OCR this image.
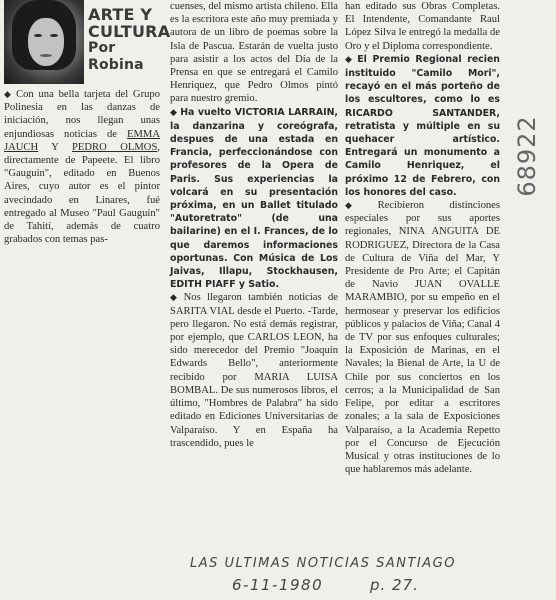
ARTE Y CULTURA
Por Robina

◆ Con una bella tarjeta del Grupo Polinesia en las danzas de iniciación, nos llegan unas enjundiosas noticias de EMMA JAUCH Y PEDRO OLMOS, directamente de Papeete. El libro "Gauguin", editado en Buenos Aires, cuyo autor es el pintor avecindado en Linares, fué entregado al Museo "Paul Gauguin" de Tahití, además de cuatro grabados con temas pas-

cuenses, del mismo artista chileno. Ella es la escritora este año muy premiada y autora de un libro de poemas sobre la Isla de Pascua. Estarán de vuelta justo para asistir a los actos del Día de la Prensa en que se entregará el Camilo Henriquez, que Pedro Olmos pintó para nuestro gremio.

◆ Ha vuelto VICTORIA LARRAIN, la danzarina y coreógrafa, despues de una estada en Francia, perfeccionándose con profesores de la Opera de Paris. Sus experiencias la volcará en su presentación próxima, en un Ballet titulado "Autoretrato" (de una bailarine) en el I. Frances, de lo que daremos informaciones oportunas. Con Música de Los Jaivas, Illapu, Stockhausen, EDITH PIAFF y Satio.

◆ Nos llegaron también noticias de SARITA VIAL desde el Puerto. -Tarde, pero llegaron. No está demás registrar, por ejemplo, que CARLOS LEON, ha sido merecedor del Premio "Joaquín Edwards Bello", anteriormente recibido por MARIA LUISA BOMBAL. De sus numerosos libros, el último, "Hombres de Palabra" ha sido editado en Ediciones Universitarias de Valparaíso. Y en España ha trascendido, pues le

han editado sus Obras Completas. El Intendente, Comandante Raul López Silva le entregó la medalla de Oro y el Diploma correspondiente.

◆ El Premio Regional recien instituido "Camilo Mori", recayó en el más porteño de los escultores, como lo es RICARDO SANTANDER, retratista y múltiple en su quehacer artístico. Entregará un monumento a Camilo Henriquez, el próximo 12 de Febrero, con los honores del caso.

◆ Recibieron distinciones especiales por sus aportes regionales, NINA ANGUITA DE RODRIGUEZ, Directora de la Casa de Cultura de Viña del Mar, Y Presidente de Pro Arte; el Capitán de Navio JUAN OVALLE MARAMBIO, por su empeño en el hermosear y preservar los edificios públicos y palacios de Viña; Canal 4 de TV por sus enfoques culturales; la Exposición de Marinas, en el Navales; la Bienal de Arte, la U de Chile por sus conciertos en los cerros; a la Municipalidad de San Felipe, por editar a escritores zonales; a la sala de Exposiciones Valparaíso, a la Academia Repetto por el Concurso de Ejecución Musical y otras instituciones de lo que hablaremos más adelante.

68922
LAS ULTIMAS NOTICIAS SANTIAGO
6-11-1980	p. 27.
